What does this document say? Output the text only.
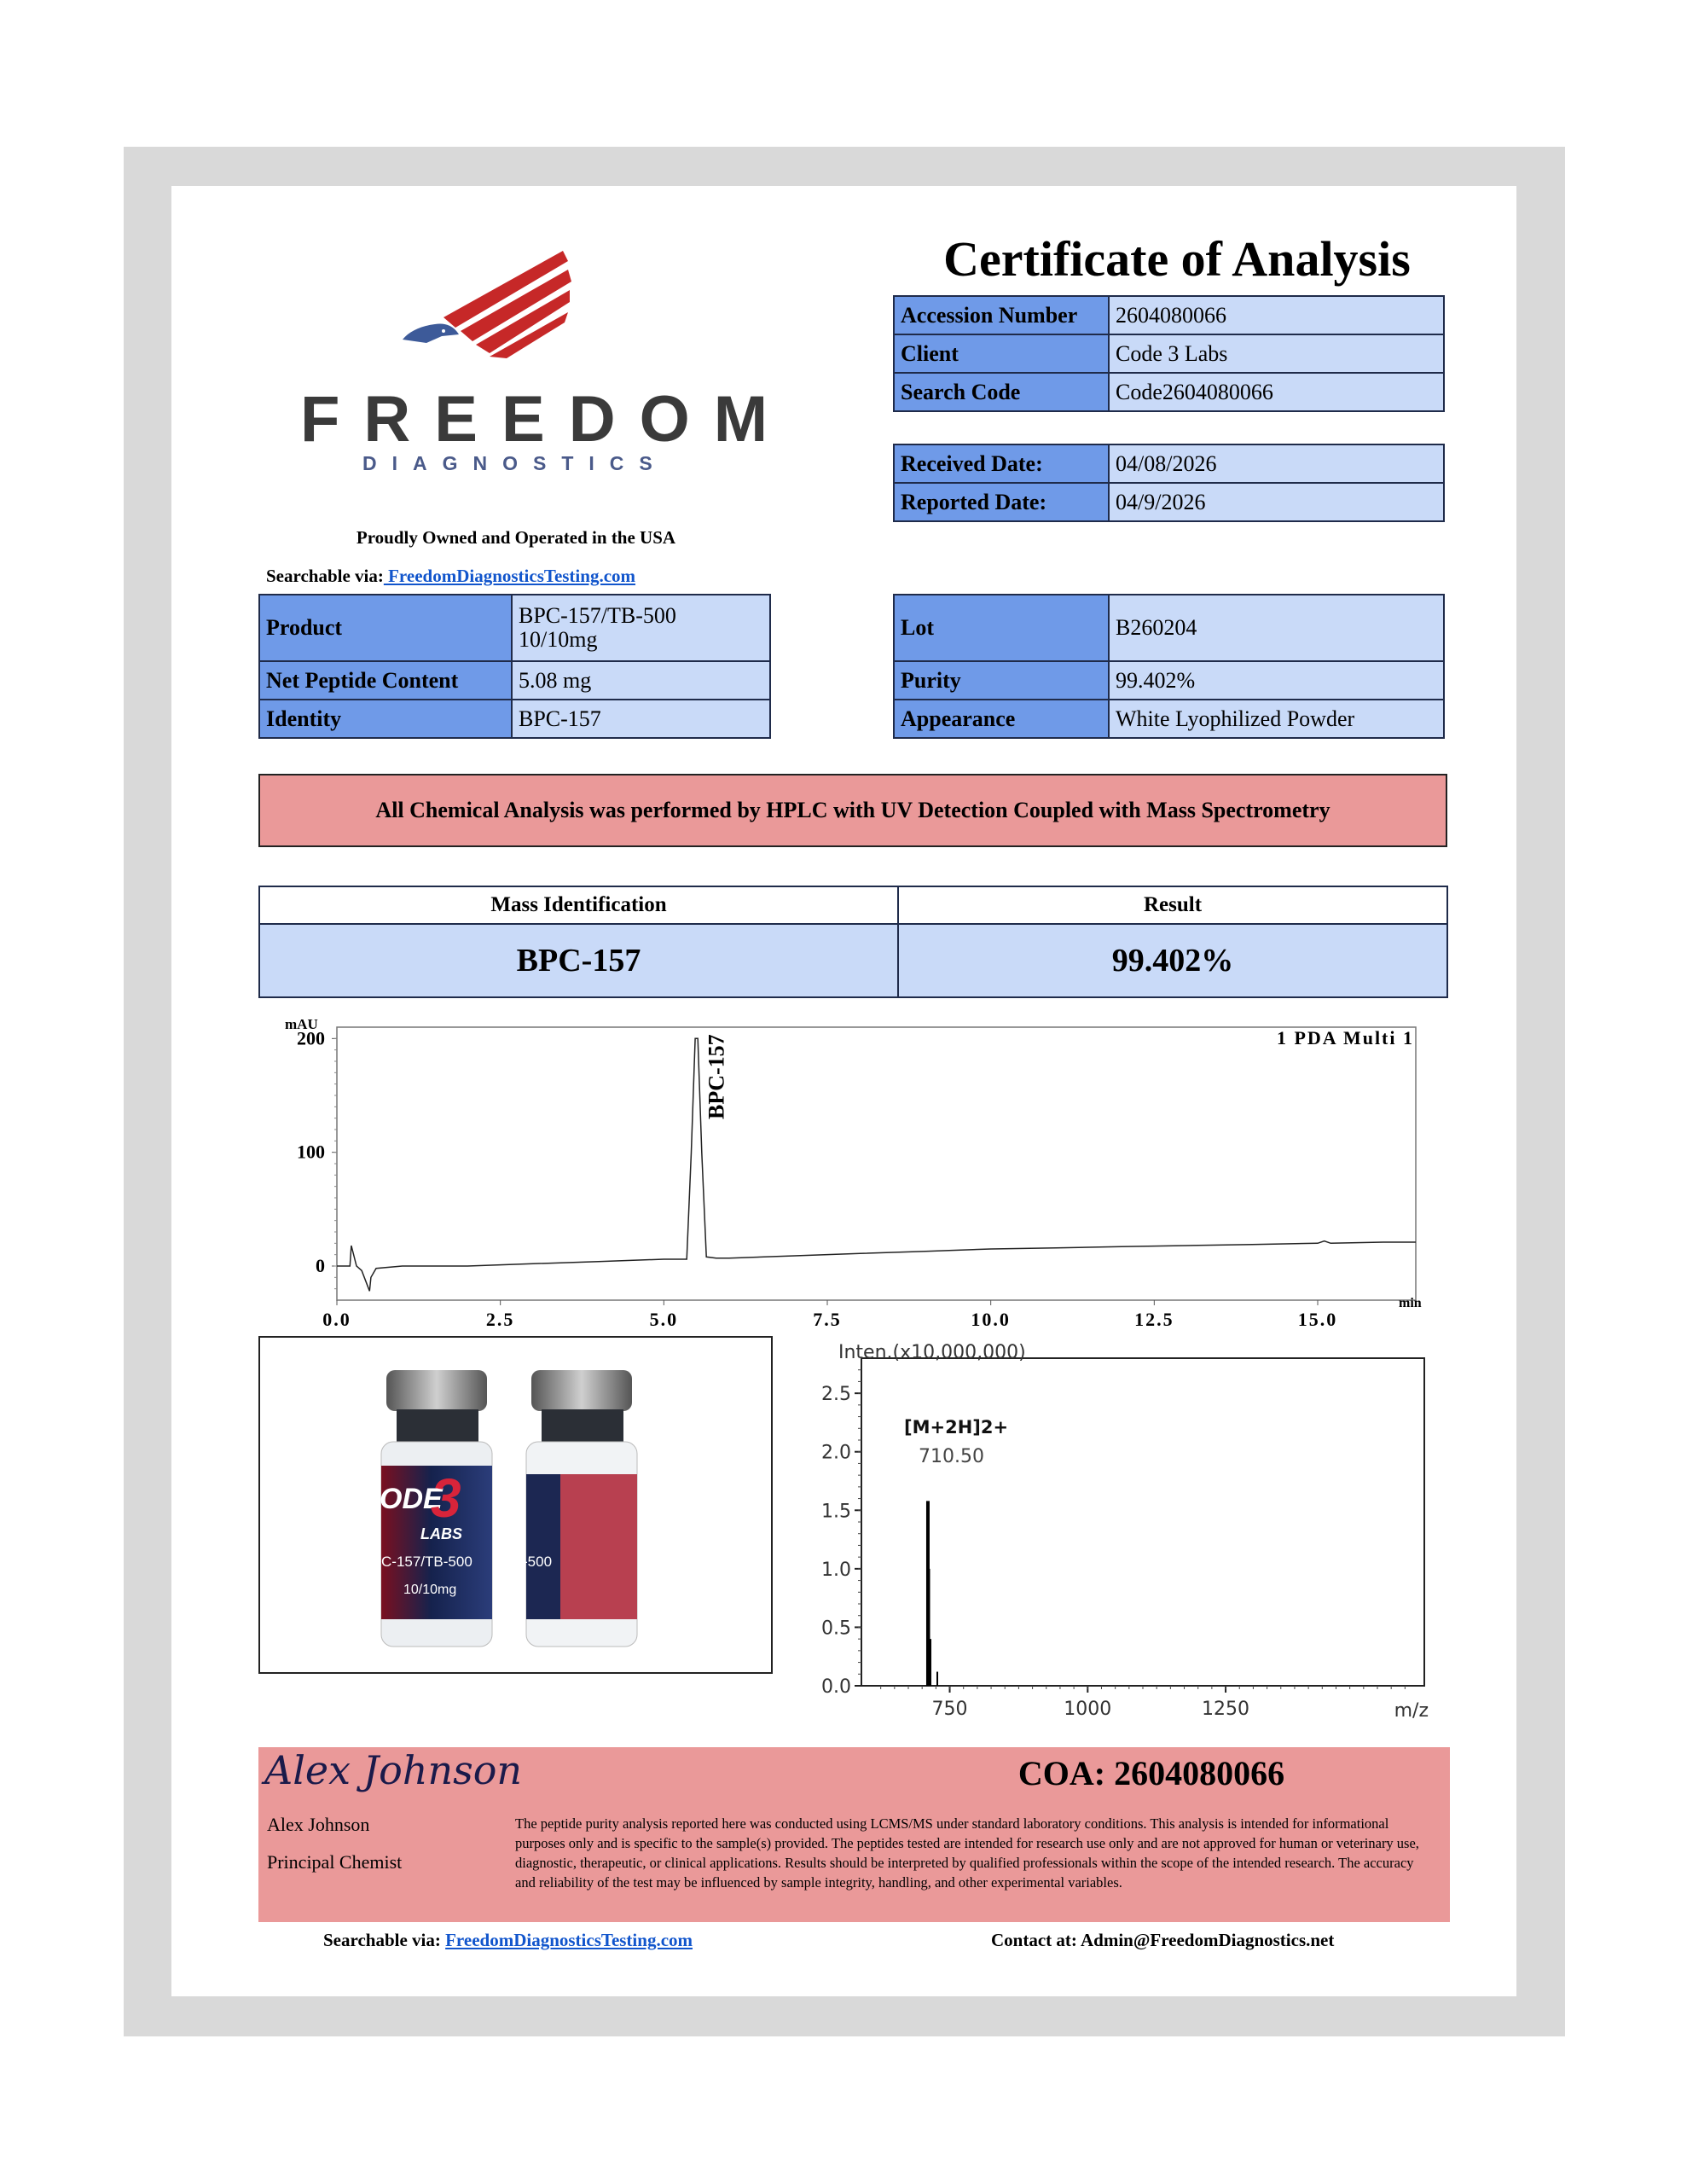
FREEDOM
DIAGNOSTICS
Proudly Owned and Operated in the USA
Searchable via: FreedomDiagnosticsTesting.com
Certificate of Analysis
Accession Number	2604080066
Client	Code 3 Labs
Search Code	Code2604080066
Received Date:	04/08/2026
Reported Date:	04/9/2026
Product	BPC-157/TB-500
10/10mg

Net Peptide Content	5.08 mg
Identity	BPC-157
Lot	B260204
Purity	99.402%
Appearance	White Lyophilized Powder
All Chemical Analysis was performed by HPLC with UV Detection Coupled with Mass Spectrometry
Mass Identification	Result
BPC-157	99.402%
mAU
1 PDA Multi 1
min
0.0	2.5	5.0	7.5	10.0	12.5	15.0
200
100
0
BPC-157
ODE
3
LABS
C-157/TB-500
10/10mg
-500
Inten.(x10,000,000)
m/z
[M+2H]2+
710.50
750	1000	1250
2.5
2.0
1.5
1.0
0.5
0.0
Alex Johnson	COA: 2604080066
Alex Johnson
Principal Chemist
The peptide purity analysis reported here was conducted using LCMS/MS under standard laboratory conditions. This analysis is intended for informational purposes only and is specific to the sample(s) provided. The peptides tested are intended for research use only and are not approved for human or veterinary use, diagnostic, therapeutic, or clinical applications. Results should be interpreted by qualified professionals within the scope of the intended research. The accuracy and reliability of the test may be influenced by sample integrity, handling, and other experimental variables.
Searchable via: FreedomDiagnosticsTesting.com	Contact at: Admin@FreedomDiagnostics.net
